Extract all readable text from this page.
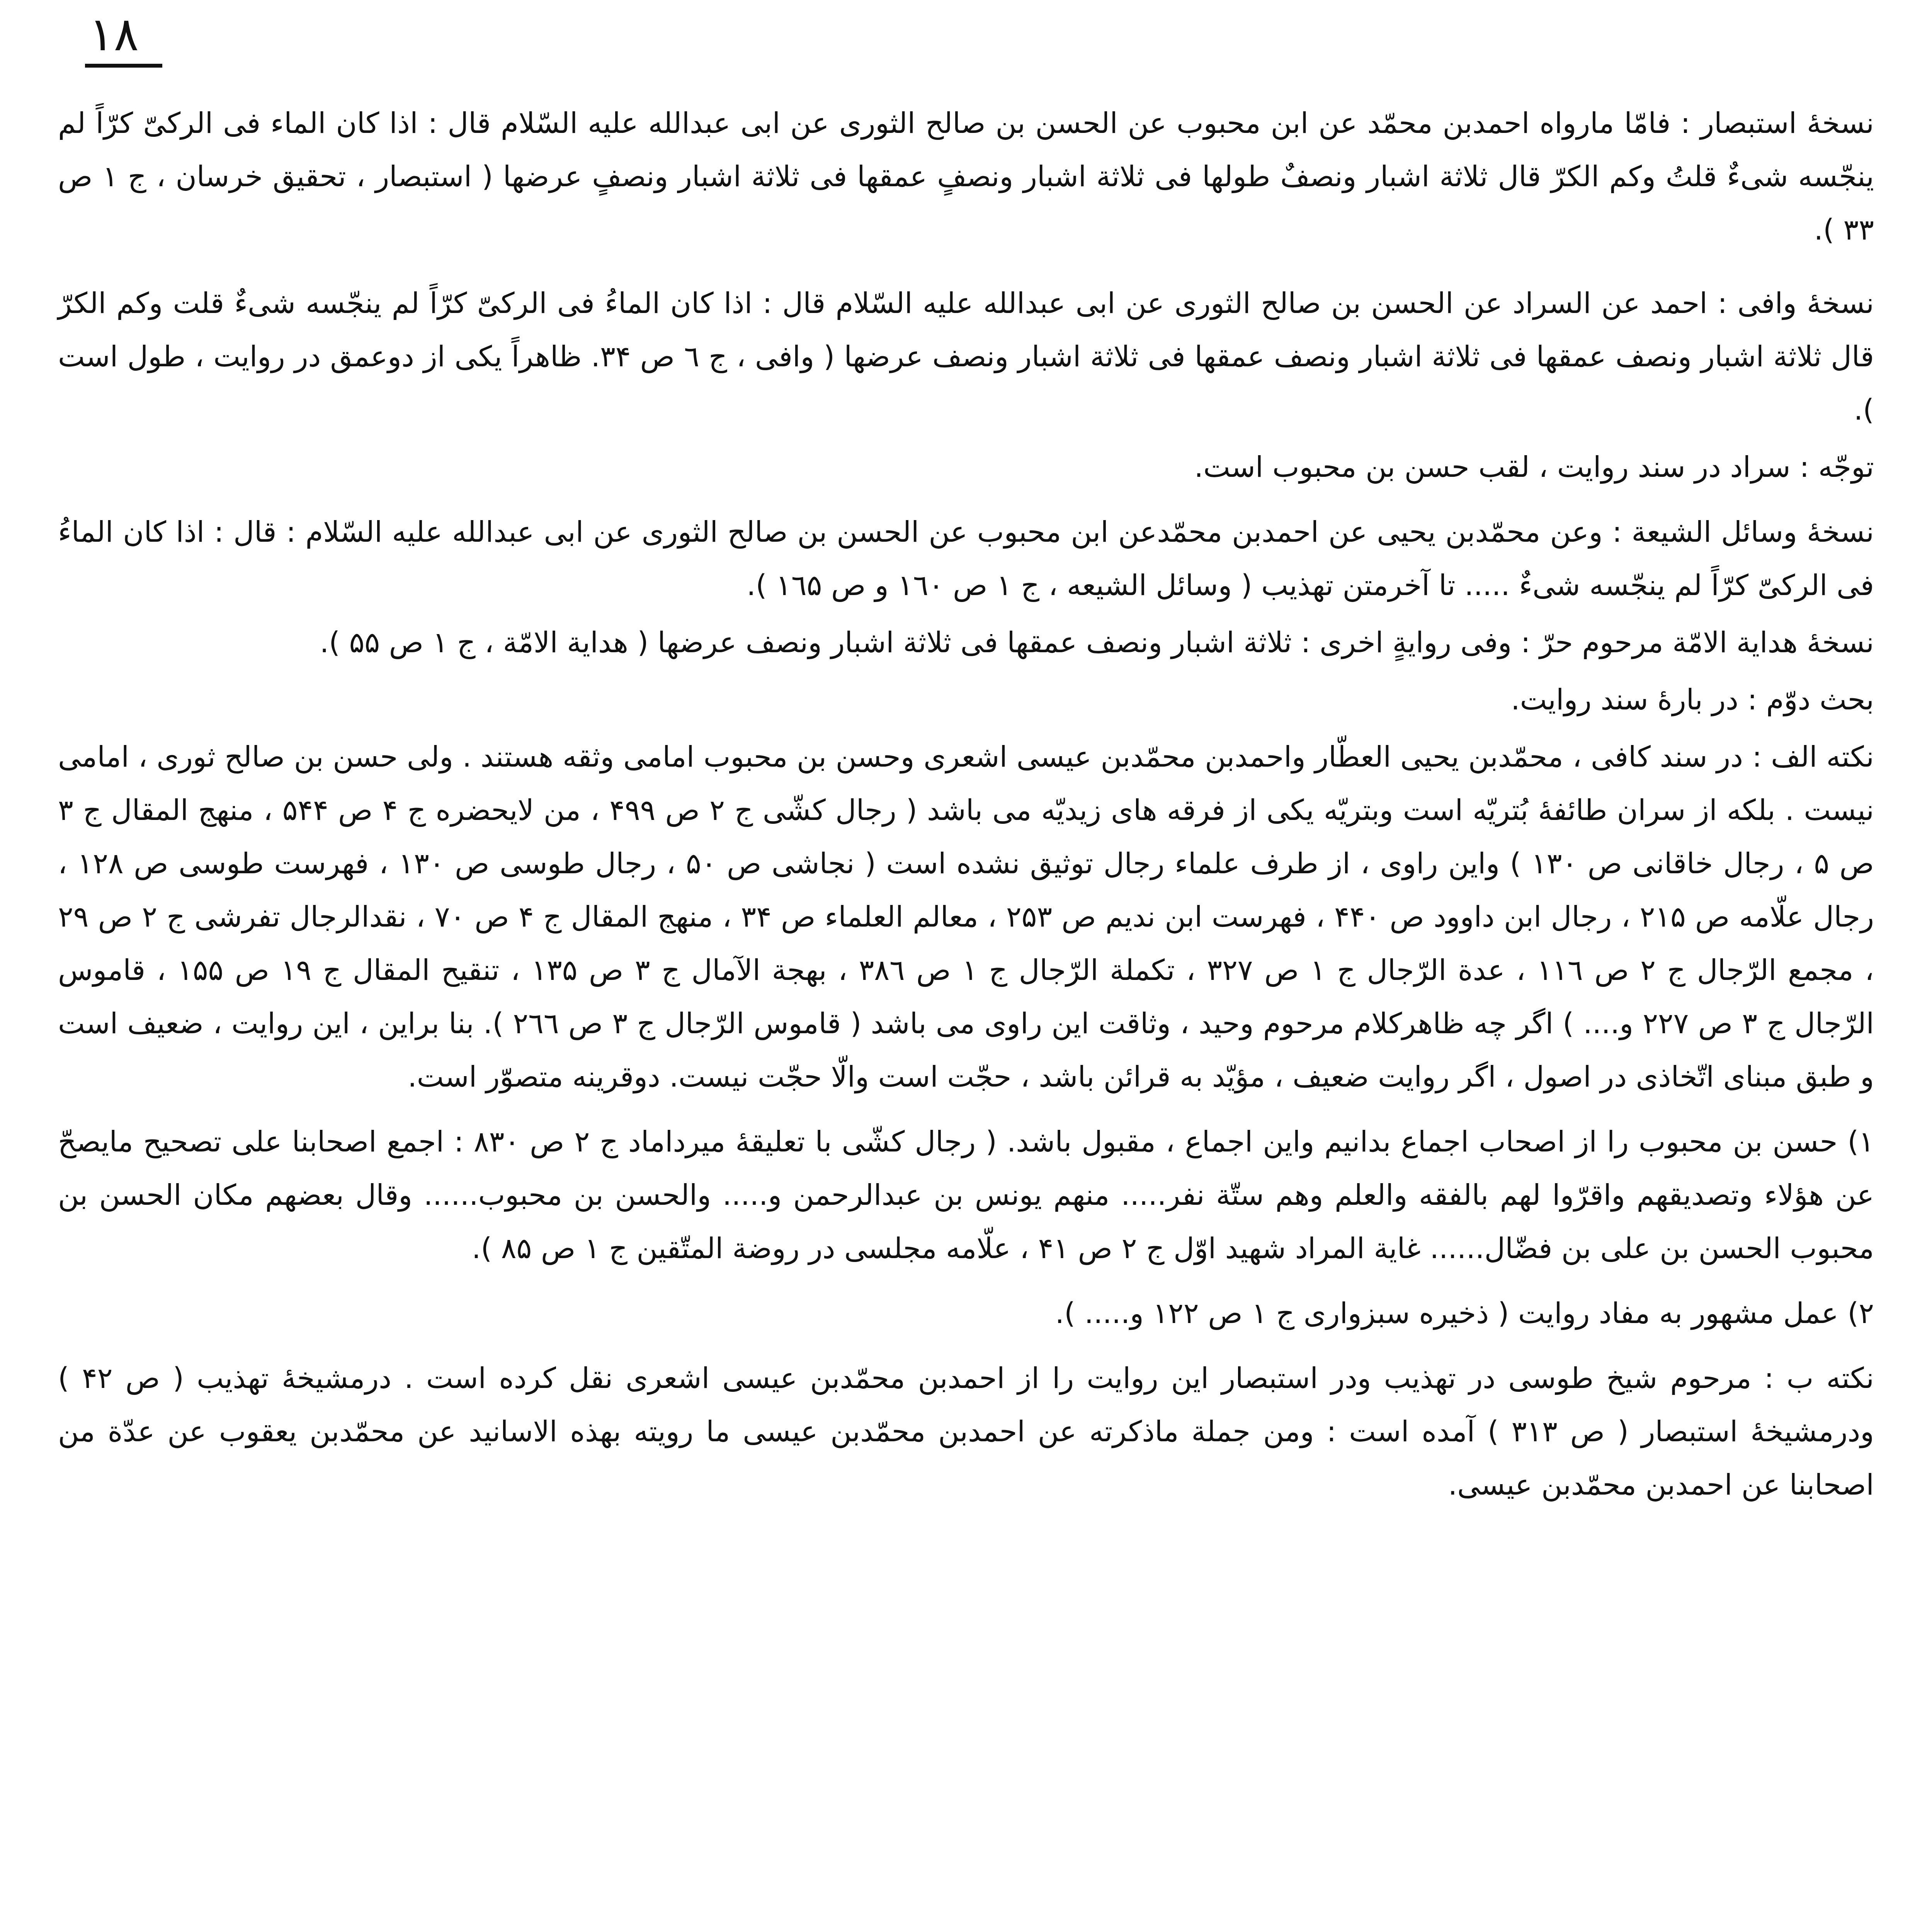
۱۸

نسخهٔ استبصار : فامّا مارواه احمدبن محمّد عن ابن محبوب عن الحسن بن صالح الثوری عن ابی عبدالله علیه السّلام قال : اذا کان الماء فی الرکیّ کرّاً لم ینجّسه شیءٌ قلتُ وکم الکرّ قال ثلاثة اشبار ونصفٌ طولها فی ثلاثة اشبار ونصفٍ عمقها فی ثلاثة اشبار ونصفٍ عرضها ( استبصار ، تحقیق خرسان ، ج ۱ ص ۳۳ ).

نسخهٔ وافی : احمد عن السراد عن الحسن بن صالح الثوری عن ابی عبدالله علیه السّلام قال : اذا کان الماءُ فی الرکیّ کرّاً لم ینجّسه شیءٌ قلت وکم الکرّ قال ثلاثة اشبار ونصف عمقها فی ثلاثة اشبار ونصف عمقها فی ثلاثة اشبار ونصف عرضها ( وافی ، ج ٦ ص ۳۴. ظاهراً یکی از دوعمق در روایت ، طول است ).

توجّه : سراد در سند روایت ، لقب حسن بن محبوب است.

نسخهٔ وسائل الشیعة : وعن محمّدبن یحیی عن احمدبن محمّدعن ابن محبوب عن الحسن بن صالح الثوری عن ابی عبدالله علیه السّلام : قال : اذا کان الماءُ فی الرکیّ کرّاً لم ینجّسه شیءٌ ..... تا آخرمتن تهذیب ( وسائل الشیعه ، ج ۱ ص ۱٦۰ و ص ۱٦۵ ).

نسخهٔ هدایة الامّة مرحوم حرّ : وفی روایةٍ اخری : ثلاثة اشبار ونصف عمقها فی ثلاثة اشبار ونصف عرضها ( هدایة الامّة ، ج ۱ ص ۵۵ ).

بحث دوّم : در بارهٔ سند روایت.

نکته الف : در سند کافی ، محمّدبن یحیی العطّار واحمدبن محمّدبن عیسی اشعری وحسن بن محبوب امامی وثقه هستند . ولی حسن بن صالح ثوری ، امامی نیست . بلکه از سران طائفهٔ بُتریّه است وبتریّه یکی از فرقه های زیدیّه می باشد ( رجال کشّی ج ۲ ص ۴۹۹ ، من لایحضره ج ۴ ص ۵۴۴ ، منهج المقال ج ۳ ص ۵ ، رجال خاقانی ص ۱۳۰ ) واین راوی ، از طرف علماء رجال توثیق نشده است ( نجاشی ص ۵۰ ، رجال طوسی ص ۱۳۰ ، فهرست طوسی ص ۱۲۸ ، رجال علّامه ص ۲۱۵ ، رجال ابن داوود ص ۴۴۰ ، فهرست ابن ندیم ص ۲۵۳ ، معالم العلماء ص ۳۴ ، منهج المقال ج ۴ ص ۷۰ ، نقدالرجال تفرشی ج ۲ ص ۲۹ ، مجمع الرّجال ج ۲ ص ۱۱٦ ، عدة الرّجال ج ۱ ص ۳۲۷ ، تکملة الرّجال ج ۱ ص ۳۸٦ ، بهجة الآمال ج ۳ ص ۱۳۵ ، تنقیح المقال ج ۱۹ ص ۱۵۵ ، قاموس الرّجال ج ۳ ص ۲۲۷ و.... ) اگر چه ظاهرکلام مرحوم وحید ، وثاقت این راوی می باشد ( قاموس الرّجال ج ۳ ص ۲٦٦ ). بنا براین ، این روایت ، ضعیف است و طبق مبنای اتّخاذی در اصول ، اگر روایت ضعیف ، مؤیّد به قرائن باشد ، حجّت است والّا حجّت نیست. دوقرینه متصوّر است.

۱) حسن بن محبوب را از اصحاب اجماع بدانیم واین اجماع ، مقبول باشد. ( رجال کشّی با تعلیقهٔ میرداماد ج ۲ ص ۸۳۰ : اجمع اصحابنا علی تصحیح مایصحّ عن هؤلاء وتصدیقهم واقرّوا لهم بالفقه والعلم وهم ستّة نفر..... منهم یونس بن عبدالرحمن و..... والحسن بن محبوب...... وقال بعضهم مکان الحسن بن محبوب الحسن بن علی بن فضّال...... غایة المراد شهید اوّل ج ۲ ص ۴۱ ، علّامه مجلسی در روضة المتّقین ج ۱ ص ۸۵ ).

۲) عمل مشهور به مفاد روایت ( ذخیره سبزواری ج ۱ ص ۱۲۲ و..... ).

نکته ب : مرحوم شیخ طوسی در تهذیب ودر استبصار این روایت را از احمدبن محمّدبن عیسی اشعری نقل کرده است . درمشیخهٔ تهذیب ( ص ۴۲ ) ودرمشیخهٔ استبصار ( ص ۳۱۳ ) آمده است : ومن جملة ماذکرته عن احمدبن محمّدبن عیسی ما رویته بهذه الاسانید عن محمّدبن یعقوب عن عدّة من اصحابنا عن احمدبن محمّدبن عیسی.
